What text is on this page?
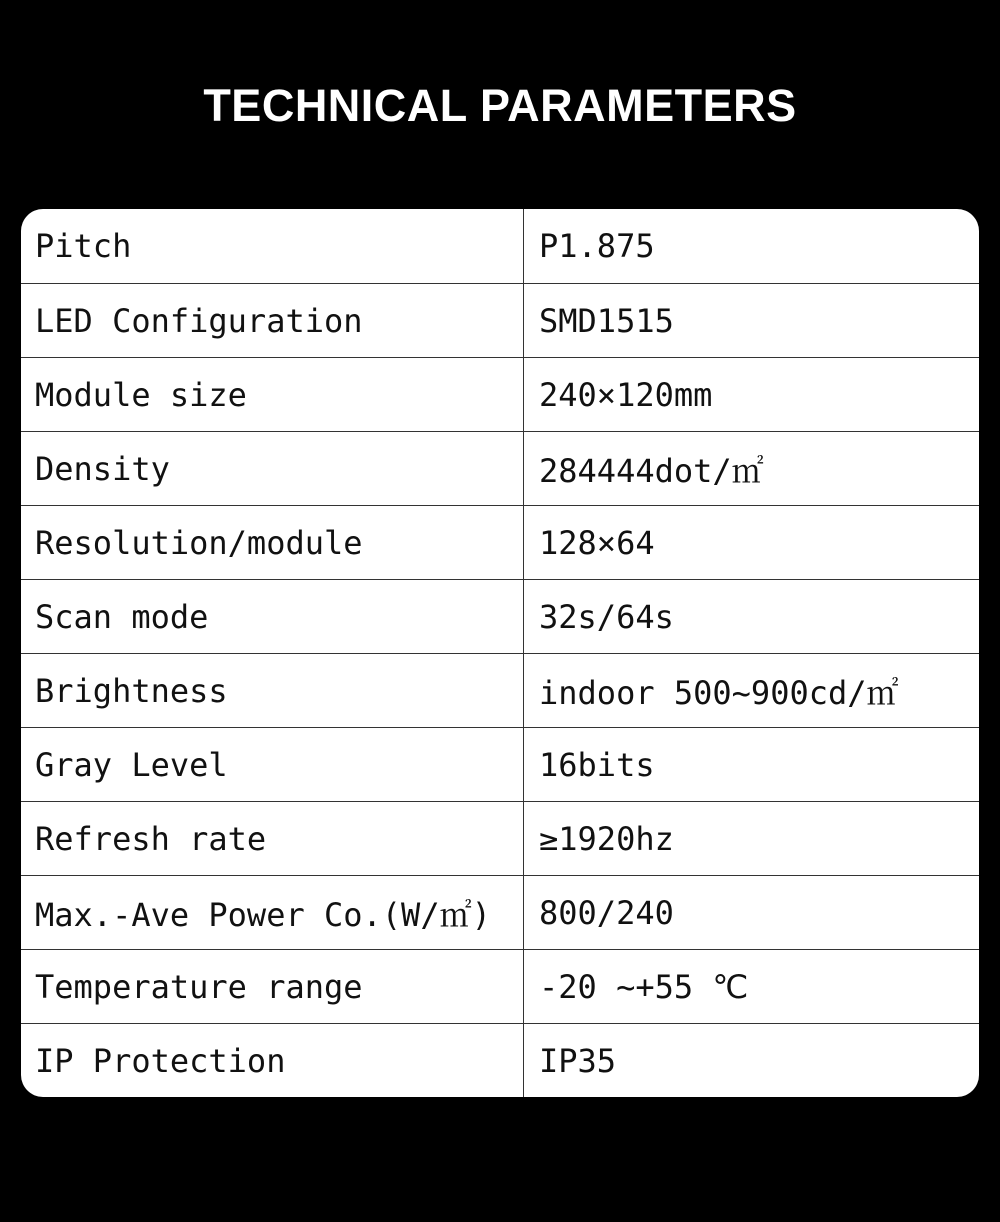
TECHNICAL PARAMETERS
Pitch	P1.875
LED Configuration	SMD1515
Module size	240×120mm
Density	284444dot/㎡
Resolution/module	128×64
Scan mode	32s/64s
Brightness	indoor 500~900cd/㎡
Gray Level	16bits
Refresh rate	≥1920hz
Max.-Ave Power Co.(W/㎡)	800/240
Temperature range	-20 ~+55 ℃
IP Protection	IP35
